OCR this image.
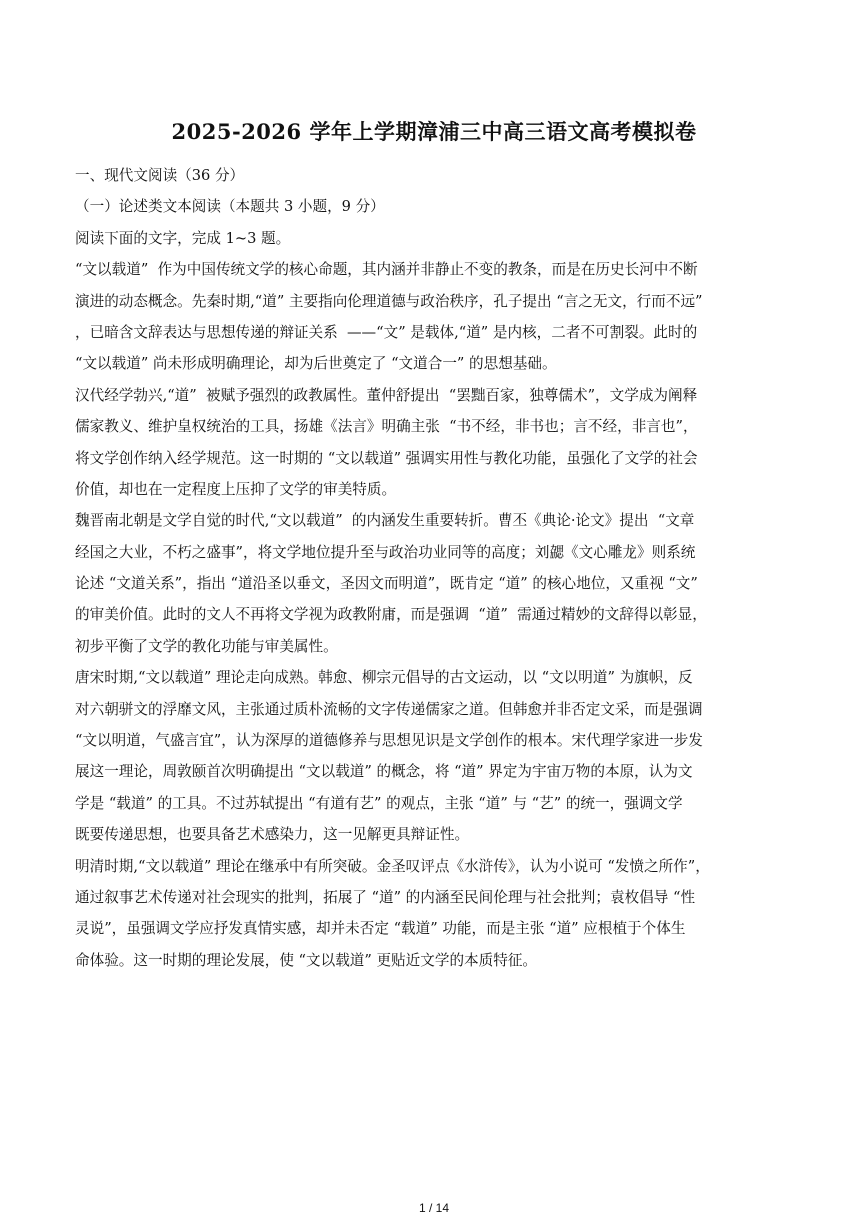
2025-2026 学年上学期漳浦三中高三语文高考模拟卷
一、现代文阅读（36 分）
（一）论述类文本阅读（本题共 3 小题，9 分）
阅读下面的文字，完成 1~3 题。
“文以载道”  作为中国传统文学的核心命题，其内涵并非静止不变的教条，而是在历史长河中不断
演进的动态概念。先秦时期,“道” 主要指向伦理道德与政治秩序，孔子提出 “言之无文，行而不远”
，已暗含文辞表达与思想传递的辩证关系  ——“文” 是载体,“道” 是内核，二者不可割裂。此时的
“文以载道” 尚未形成明确理论，却为后世奠定了 “文道合一” 的思想基础。
汉代经学勃兴,“道”  被赋予强烈的政教属性。董仲舒提出  “罢黜百家，独尊儒术”，文学成为阐释
儒家教义、维护皇权统治的工具，扬雄《法言》明确主张  “书不经，非书也；言不经，非言也”，
将文学创作纳入经学规范。这一时期的 “文以载道” 强调实用性与教化功能，虽强化了文学的社会
价值，却也在一定程度上压抑了文学的审美特质。
魏晋南北朝是文学自觉的时代,“文以载道”  的内涵发生重要转折。曹丕《典论·论文》提出  “文章
经国之大业，不朽之盛事”，将文学地位提升至与政治功业同等的高度；刘勰《文心雕龙》则系统
论述 “文道关系”，指出 “道沿圣以垂文，圣因文而明道”，既肯定 “道” 的核心地位，又重视 “文”
的审美价值。此时的文人不再将文学视为政教附庸，而是强调  “道”  需通过精妙的文辞得以彰显，
初步平衡了文学的教化功能与审美属性。
唐宋时期,“文以载道” 理论走向成熟。韩愈、柳宗元倡导的古文运动，以 “文以明道” 为旗帜，反
对六朝骈文的浮靡文风，主张通过质朴流畅的文字传递儒家之道。但韩愈并非否定文采，而是强调
“文以明道，气盛言宜”，认为深厚的道德修养与思想见识是文学创作的根本。宋代理学家进一步发
展这一理论，周敦颐首次明确提出 “文以载道” 的概念，将 “道” 界定为宇宙万物的本原，认为文
学是 “载道” 的工具。不过苏轼提出 “有道有艺” 的观点，主张 “道” 与 “艺” 的统一，强调文学
既要传递思想，也要具备艺术感染力，这一见解更具辩证性。
明清时期,“文以载道” 理论在继承中有所突破。金圣叹评点《水浒传》，认为小说可 “发愤之所作”，
通过叙事艺术传递对社会现实的批判，拓展了 “道” 的内涵至民间伦理与社会批判；袁枚倡导 “性
灵说”，虽强调文学应抒发真情实感，却并未否定 “载道” 功能，而是主张 “道” 应根植于个体生
命体验。这一时期的理论发展，使 “文以载道” 更贴近文学的本质特征。
1 / 14
